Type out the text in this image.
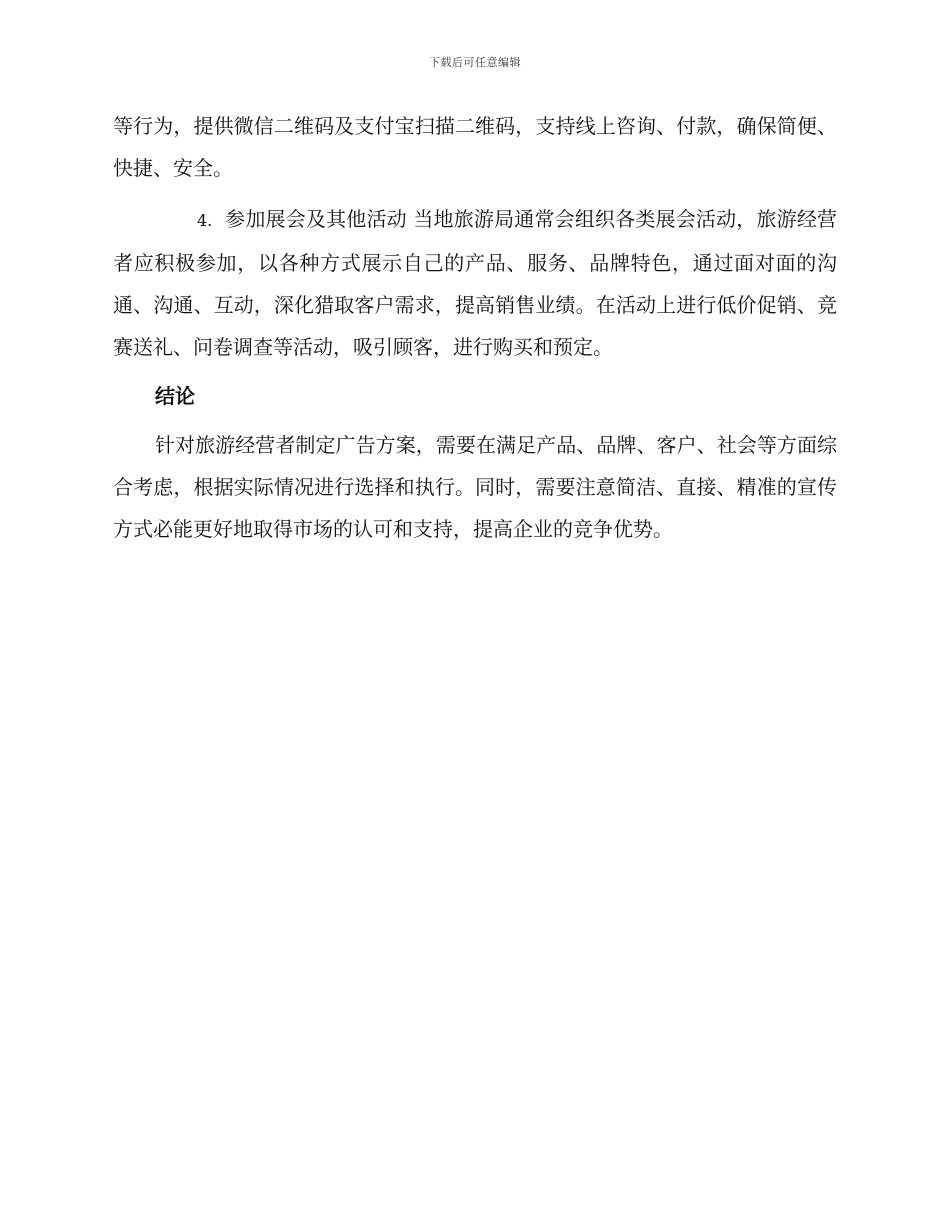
下载后可任意编辑

等行为，提供微信二维码及支付宝扫描二维码，支持线上咨询、付款，确保简便、快捷、安全。

4. 参加展会及其他活动 当地旅游局通常会组织各类展会活动，旅游经营者应积极参加，以各种方式展示自己的产品、服务、品牌特色，通过面对面的沟通、沟通、互动，深化猎取客户需求，提高销售业绩。在活动上进行低价促销、竞赛送礼、问卷调查等活动，吸引顾客，进行购买和预定。

结论

针对旅游经营者制定广告方案，需要在满足产品、品牌、客户、社会等方面综合考虑，根据实际情况进行选择和执行。同时，需要注意简洁、直接、精准的宣传方式必能更好地取得市场的认可和支持，提高企业的竞争优势。
